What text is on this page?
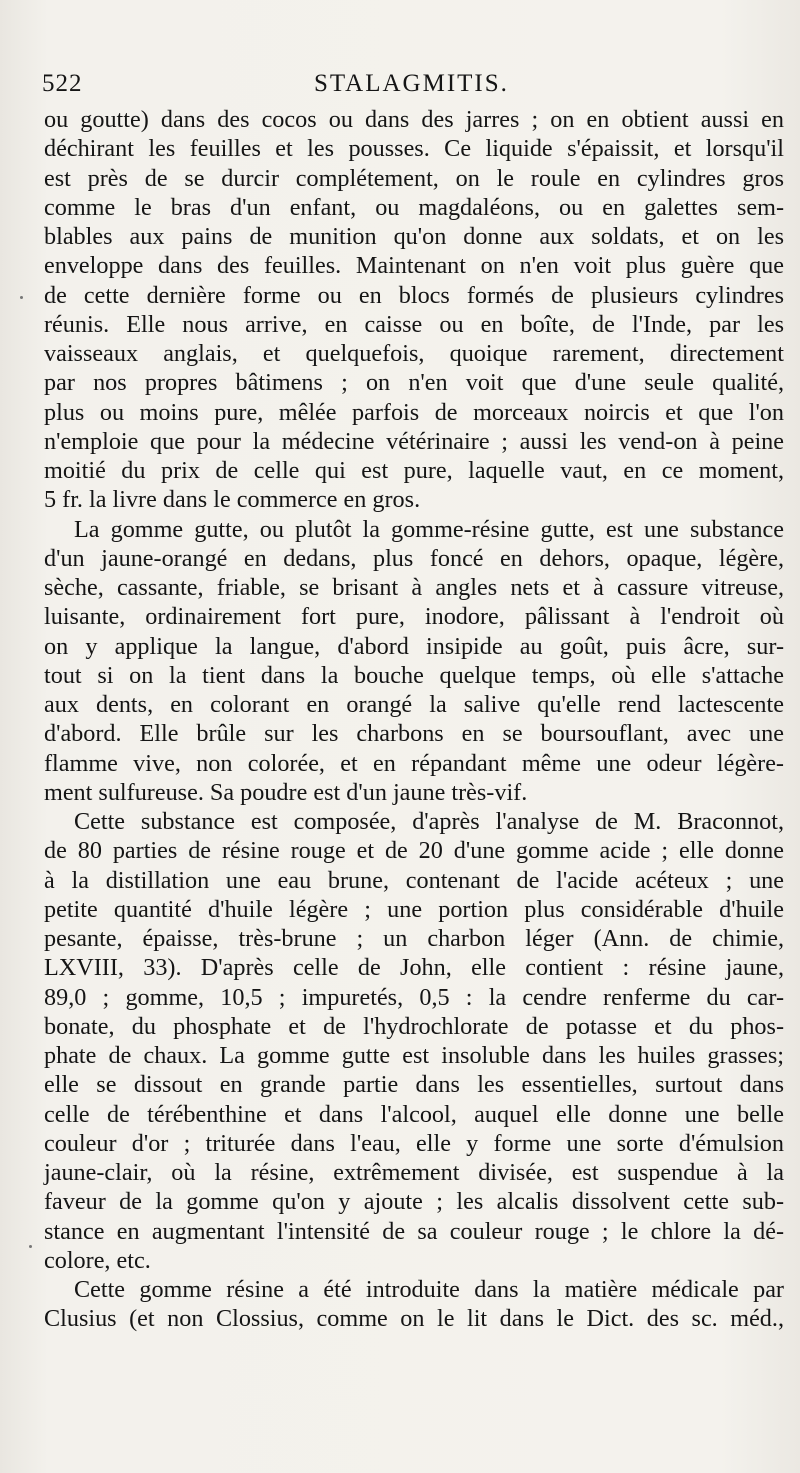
522	STALAGMITIS.
ou goutte) dans des cocos ou dans des jarres ; on en obtient aussi en
déchirant les feuilles et les pousses. Ce liquide s'épaissit, et lorsqu'il
est près de se durcir complétement, on le roule en cylindres gros
comme le bras d'un enfant, ou magdaléons, ou en galettes sem-
blables aux pains de munition qu'on donne aux soldats, et on les
enveloppe dans des feuilles. Maintenant on n'en voit plus guère que
de cette dernière forme ou en blocs formés de plusieurs cylindres
réunis. Elle nous arrive, en caisse ou en boîte, de l'Inde, par les
vaisseaux anglais, et quelquefois, quoique rarement, directement
par nos propres bâtimens ; on n'en voit que d'une seule qualité,
plus ou moins pure, mêlée parfois de morceaux noircis et que l'on
n'emploie que pour la médecine vétérinaire ; aussi les vend-on à peine
moitié du prix de celle qui est pure, laquelle vaut, en ce moment,
5 fr. la livre dans le commerce en gros.
La gomme gutte, ou plutôt la gomme-résine gutte, est une substance
d'un jaune-orangé en dedans, plus foncé en dehors, opaque, légère,
sèche, cassante, friable, se brisant à angles nets et à cassure vitreuse,
luisante, ordinairement fort pure, inodore, pâlissant à l'endroit où
on y applique la langue, d'abord insipide au goût, puis âcre, sur-
tout si on la tient dans la bouche quelque temps, où elle s'attache
aux dents, en colorant en orangé la salive qu'elle rend lactescente
d'abord. Elle brûle sur les charbons en se boursouflant, avec une
flamme vive, non colorée, et en répandant même une odeur légère-
ment sulfureuse. Sa poudre est d'un jaune très-vif.
Cette substance est composée, d'après l'analyse de M. Braconnot,
de 80 parties de résine rouge et de 20 d'une gomme acide ; elle donne
à la distillation une eau brune, contenant de l'acide acéteux ; une
petite quantité d'huile légère ; une portion plus considérable d'huile
pesante, épaisse, très-brune ; un charbon léger (Ann. de chimie,
LXVIII, 33). D'après celle de John, elle contient : résine jaune,
89,0 ; gomme, 10,5 ; impuretés, 0,5 : la cendre renferme du car-
bonate, du phosphate et de l'hydrochlorate de potasse et du phos-
phate de chaux. La gomme gutte est insoluble dans les huiles grasses;
elle se dissout en grande partie dans les essentielles, surtout dans
celle de térébenthine et dans l'alcool, auquel elle donne une belle
couleur d'or ; triturée dans l'eau, elle y forme une sorte d'émulsion
jaune-clair, où la résine, extrêmement divisée, est suspendue à la
faveur de la gomme qu'on y ajoute ; les alcalis dissolvent cette sub-
stance en augmentant l'intensité de sa couleur rouge ; le chlore la dé-
colore, etc.
Cette gomme résine a été introduite dans la matière médicale par
Clusius (et non Clossius, comme on le lit dans le Dict. des sc. méd.,
